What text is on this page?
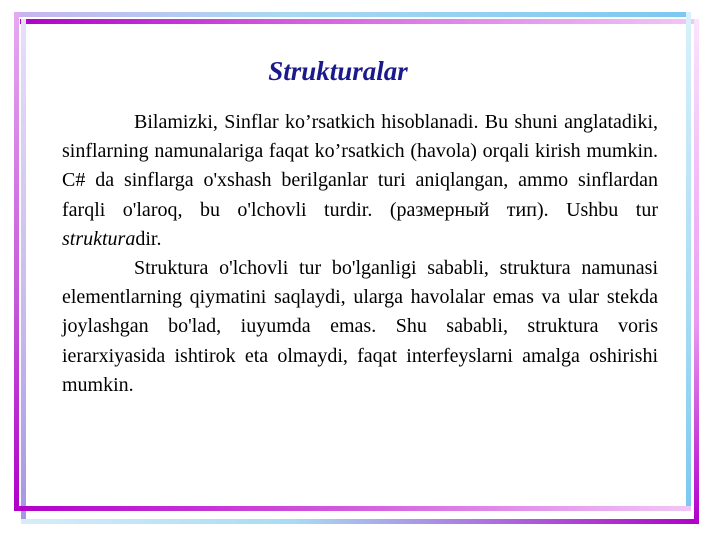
Strukturalar

Bilamizki, Sinflar ko’rsatkich hisoblanadi. Bu shuni anglatadiki, sinflarning namunalariga faqat ko’rsatkich (havola) orqali kirish mumkin. C# da sinflarga o'xshash berilganlar turi aniqlangan, ammo sinflardan farqli o'laroq, bu o'lchovli turdir. (размерный тип). Ushbu tur strukturadir.

Struktura o'lchovli tur bo'lganligi sababli, struktura namunasi elementlarning qiymatini saqlaydi, ularga havolalar emas va ular stekda joylashgan bo'lad, iuyumda emas. Shu sababli, struktura voris ierarxiyasida ishtirok eta olmaydi, faqat interfeyslarni amalga oshirishi mumkin.
